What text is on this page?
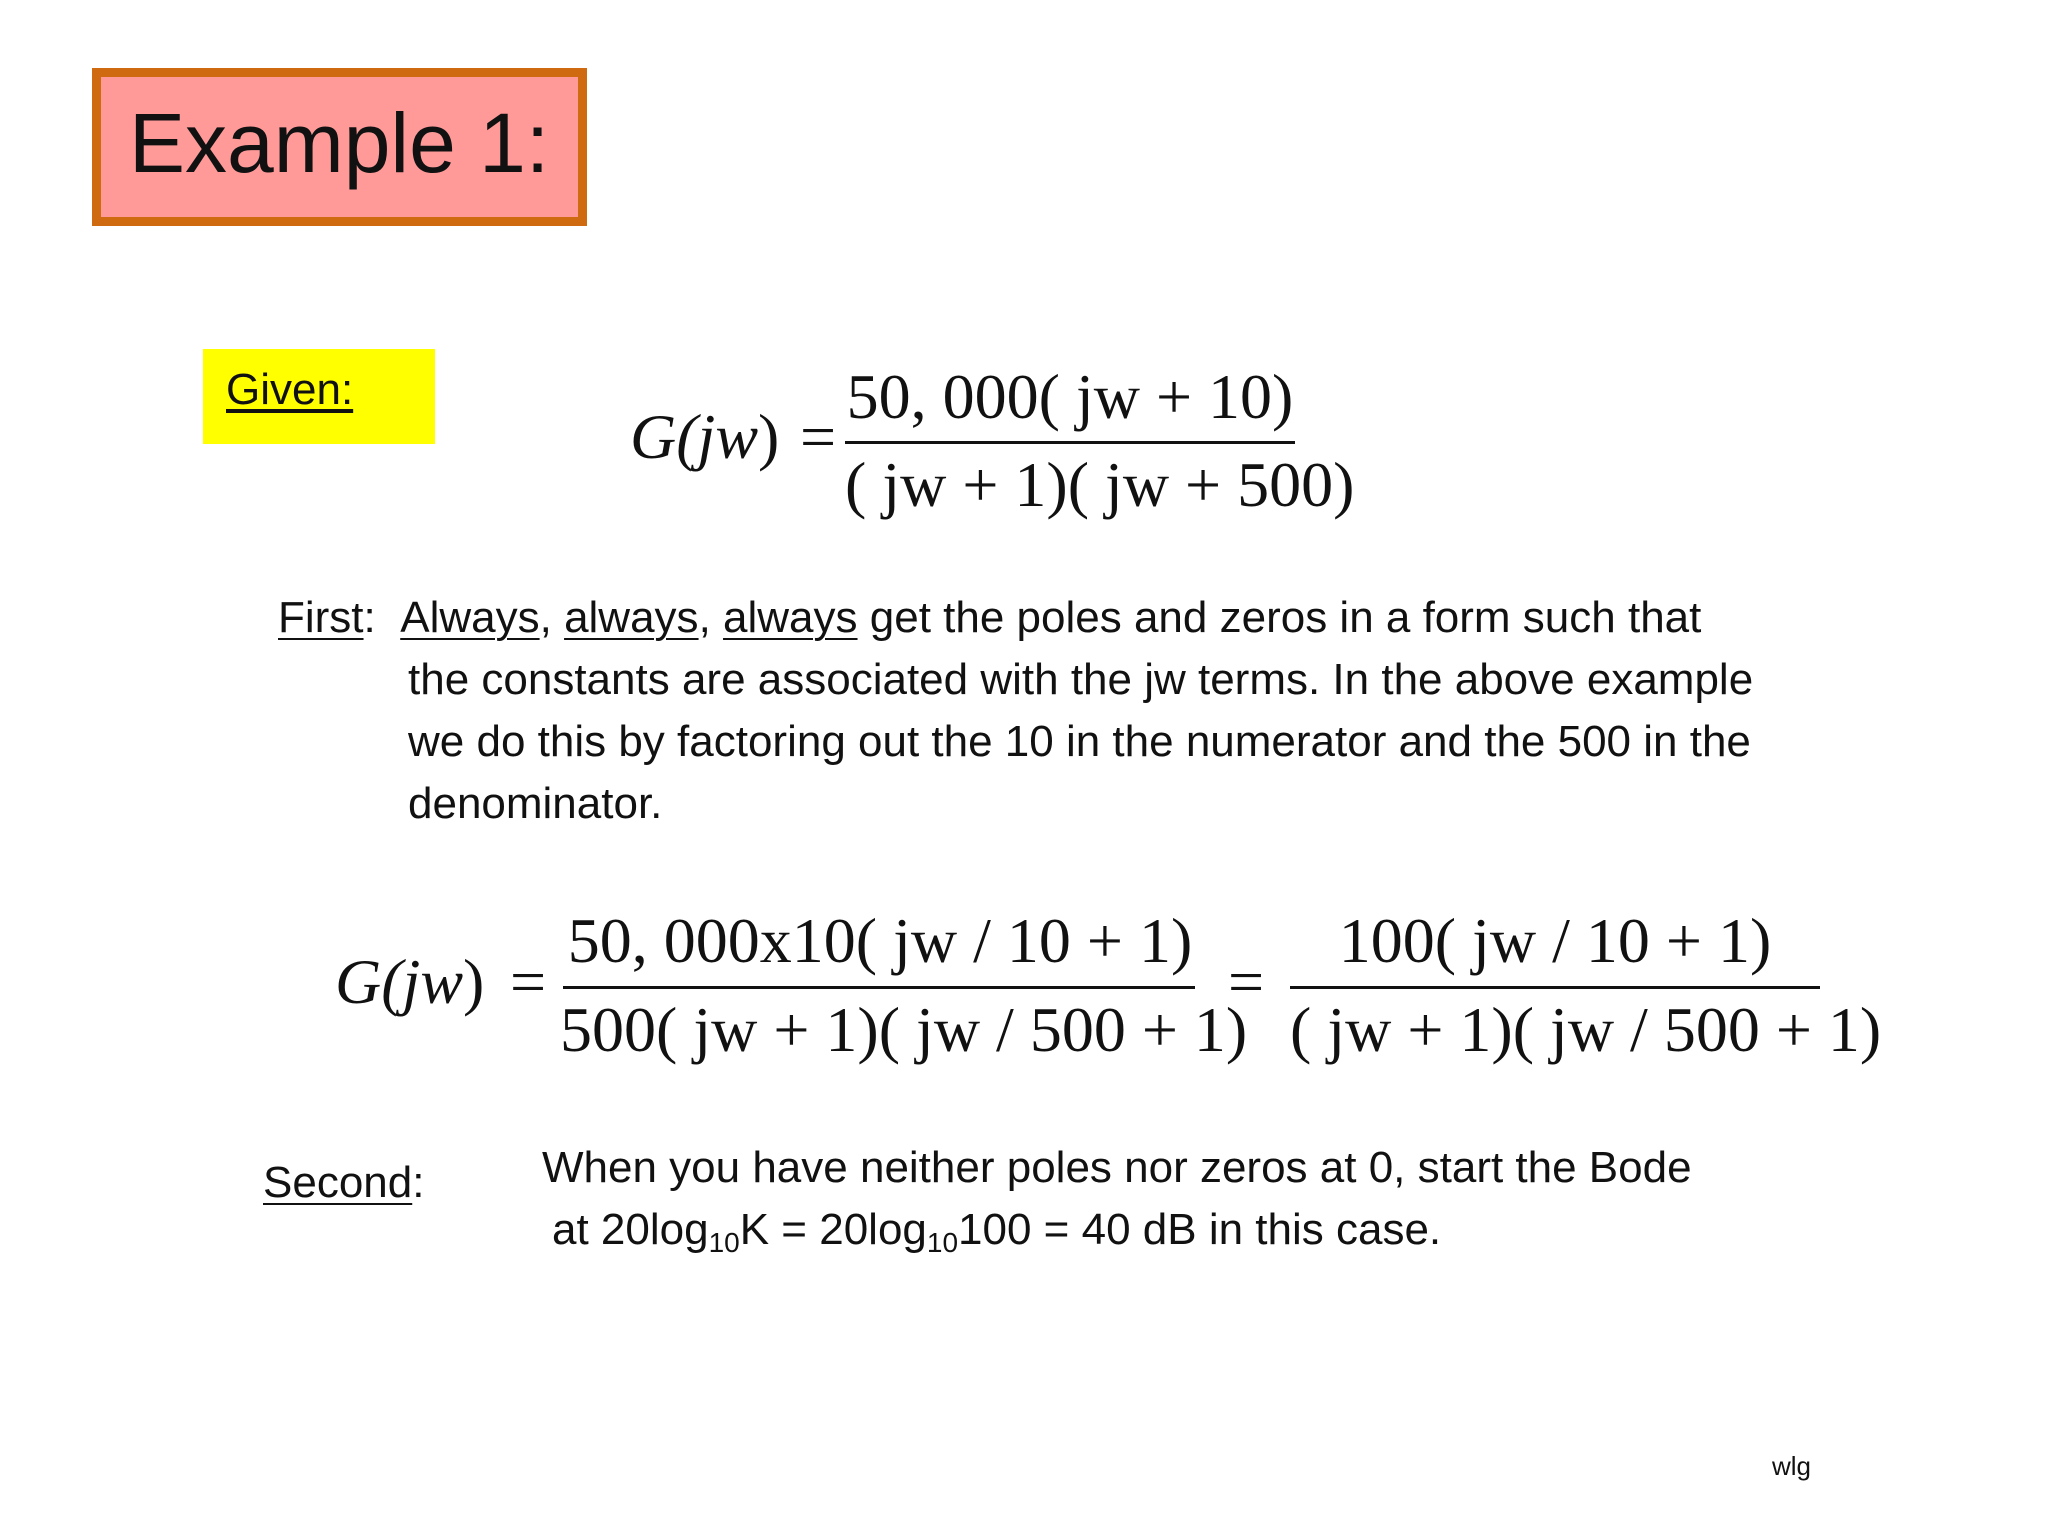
Example 1:
Given:
G(jw) =
50, 000( jw + 10)
( jw + 1)( jw + 500)
First: Always, always, always get the poles and zeros in a form such that
the constants are associated with the jw terms. In the above example
we do this by factoring out the 10 in the numerator and the 500 in the
denominator.
G(jw) =
50, 000x10( jw / 10 + 1)
500( jw + 1)( jw / 500 + 1)
=
100( jw / 10 + 1)
( jw + 1)( jw / 500 + 1)
Second:	When you have neither poles nor zeros at 0, start the Bode
at $20\log_{10}K = 20\log_{10}100 = 40$ dB in this case.
wlg
